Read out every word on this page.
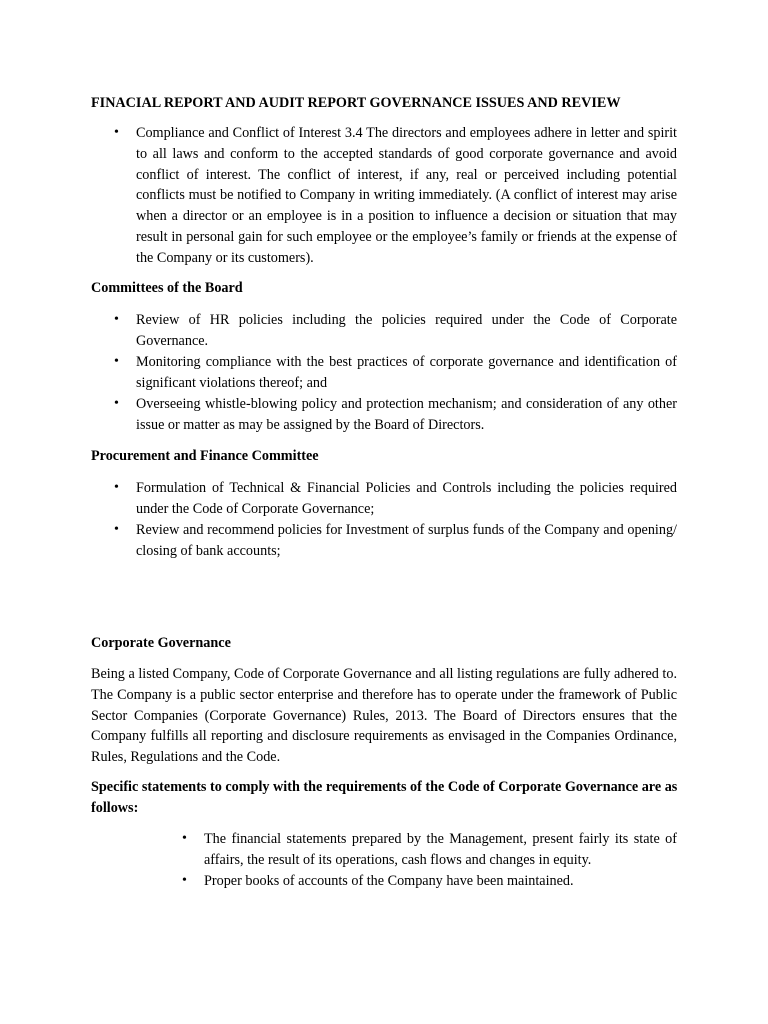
FINACIAL REPORT AND AUDIT REPORT GOVERNANCE ISSUES AND REVIEW
•	Compliance and Conflict of Interest 3.4 The directors and employees adhere in letter and spirit to all laws and conform to the accepted standards of good corporate governance and avoid conflict of interest. The conflict of interest, if any, real or perceived including potential conflicts must be notified to Company in writing immediately. (A conflict of interest may arise when a director or an employee is in a position to influence a decision or situation that may result in personal gain for such employee or the employee’s family or friends at the expense of the Company or its customers).
Committees of the Board
•	Review of HR policies including the policies required under the Code of Corporate Governance.
•	Monitoring compliance with the best practices of corporate governance and identification of significant violations thereof; and
•	Overseeing whistle-blowing policy and protection mechanism; and consideration of any other issue or matter as may be assigned by the Board of Directors.
Procurement and Finance Committee
•	Formulation of Technical & Financial Policies and Controls including the policies required under the Code of Corporate Governance;
•	Review and recommend policies for Investment of surplus funds of the Company and opening/ closing of bank accounts;
Corporate Governance

Being a listed Company, Code of Corporate Governance and all listing regulations are fully adhered to. The Company is a public sector enterprise and therefore has to operate under the framework of Public Sector Companies (Corporate Governance) Rules, 2013. The Board of Directors ensures that the Company fulfills all reporting and disclosure requirements as envisaged in the Companies Ordinance, Rules, Regulations and the Code.

Specific statements to comply with the requirements of the Code of Corporate Governance are as follows:
•	The financial statements prepared by the Management, present fairly its state of affairs, the result of its operations, cash flows and changes in equity.
•	Proper books of accounts of the Company have been maintained.
